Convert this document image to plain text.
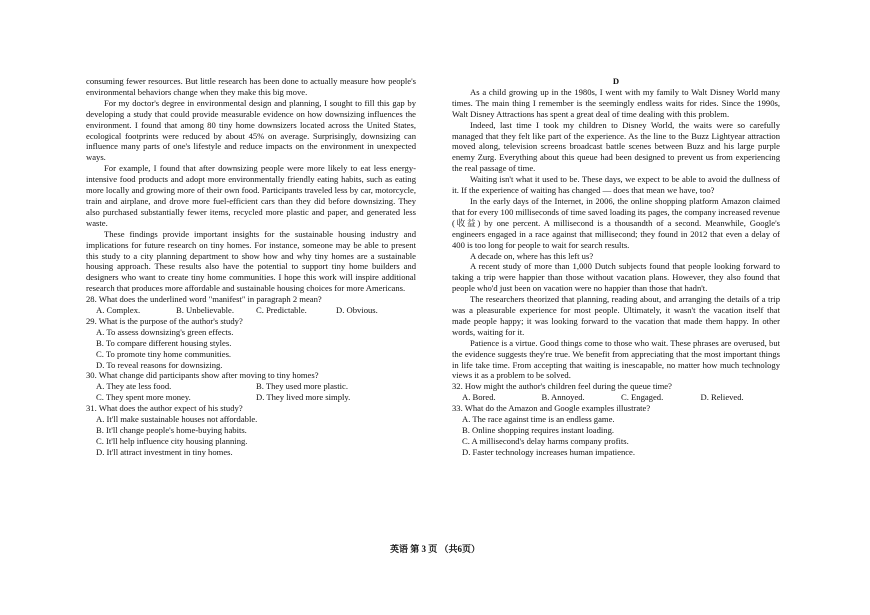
consuming fewer resources. But little research has been done to actually measure how people's environmental behaviors change when they make this big move.

For my doctor's degree in environmental design and planning, I sought to fill this gap by developing a study that could provide measurable evidence on how downsizing influences the environment. I found that among 80 tiny home downsizers located across the United States, ecological footprints were reduced by about 45% on average. Surprisingly, downsizing can influence many parts of one's lifestyle and reduce impacts on the environment in unexpected ways.

For example, I found that after downsizing people were more likely to eat less energy-intensive food products and adopt more environmentally friendly eating habits, such as eating more locally and growing more of their own food. Participants traveled less by car, motorcycle, train and airplane, and drove more fuel-efficient cars than they did before downsizing. They also purchased substantially fewer items, recycled more plastic and paper, and generated less waste.

These findings provide important insights for the sustainable housing industry and implications for future research on tiny homes. For instance, someone may be able to present this study to a city planning department to show how and why tiny homes are a sustainable housing approach. These results also have the potential to support tiny home builders and designers who want to create tiny home communities. I hope this work will inspire additional research that produces more affordable and sustainable housing choices for more Americans.

28. What does the underlined word "manifest" in paragraph 2 mean?

A. Complex.	B. Unbelievable.	C. Predictable.	D. Obvious.

29. What is the purpose of the author's study?

A. To assess downsizing's green effects.
B. To compare different housing styles.
C. To promote tiny home communities.
D. To reveal reasons for downsizing.

30. What change did participants show after moving to tiny homes?

A. They ate less food.	B. They used more plastic.
C. They spent more money.	D. They lived more simply.

31. What does the author expect of his study?

A. It'll make sustainable houses not affordable.
B. It'll change people's home-buying habits.
C. It'll help influence city housing planning.
D. It'll attract investment in tiny homes.

D

As a child growing up in the 1980s, I went with my family to Walt Disney World many times. The main thing I remember is the seemingly endless waits for rides. Since the 1990s, Walt Disney Attractions has spent a great deal of time dealing with this problem.

Indeed, last time I took my children to Disney World, the waits were so carefully managed that they felt like part of the experience. As the line to the Buzz Lightyear attraction moved along, television screens broadcast battle scenes between Buzz and his large purple enemy Zurg. Everything about this queue had been designed to prevent us from experiencing the real passage of time.

Waiting isn't what it used to be. These days, we expect to be able to avoid the dullness of it. If the experience of waiting has changed — does that mean we have, too?

In the early days of the Internet, in 2006, the online shopping platform Amazon claimed that for every 100 milliseconds of time saved loading its pages, the company increased revenue (收益) by one percent. A millisecond is a thousandth of a second. Meanwhile, Google's engineers engaged in a race against that millisecond; they found in 2012 that even a delay of 400 is too long for people to wait for search results.

A decade on, where has this left us?

A recent study of more than 1,000 Dutch subjects found that people looking forward to taking a trip were happier than those without vacation plans. However, they also found that people who'd just been on vacation were no happier than those that hadn't.

The researchers theorized that planning, reading about, and arranging the details of a trip was a pleasurable experience for most people. Ultimately, it wasn't the vacation itself that made people happy; it was looking forward to the vacation that made them happy. In other words, waiting for it.

Patience is a virtue. Good things come to those who wait. These phrases are overused, but the evidence suggests they're true. We benefit from appreciating that the most important things in life take time. From accepting that waiting is inescapable, no matter how much technology views it as a problem to be solved.

32. How might the author's children feel during the queue time?

A. Bored.	B. Annoyed.	C. Engaged.	D. Relieved.

33. What do the Amazon and Google examples illustrate?

A. The race against time is an endless game.
B. Online shopping requires instant loading.
C. A millisecond's delay harms company profits.
D. Faster technology increases human impatience.
英语 第 3 页 （共6页）
